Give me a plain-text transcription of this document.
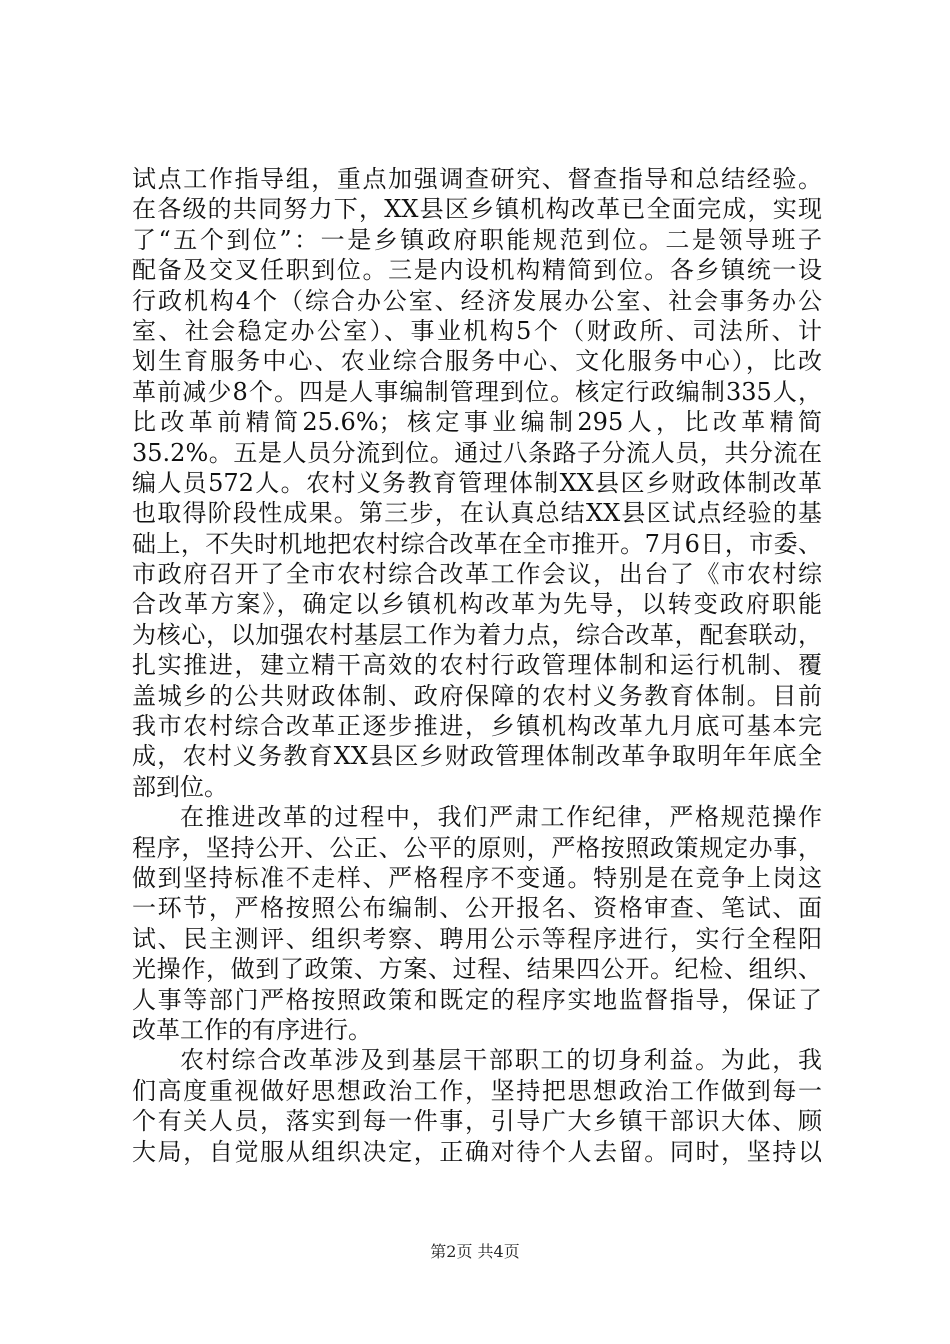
试点工作指导组，重点加强调查研究、督查指导和总结经验。
在各级的共同努力下，XX县区乡镇机构改革已全面完成，实现
了“五个到位”：一是乡镇政府职能规范到位。二是领导班子
配备及交叉任职到位。三是内设机构精简到位。各乡镇统一设
行政机构4个（综合办公室、经济发展办公室、社会事务办公
室、社会稳定办公室）、事业机构5个（财政所、司法所、计
划生育服务中心、农业综合服务中心、文化服务中心），比改
革前减少8个。四是人事编制管理到位。核定行政编制335人，
比改革前精简25.6%；核定事业编制295人，比改革精简
35.2%。五是人员分流到位。通过八条路子分流人员，共分流在
编人员572人。农村义务教育管理体制XX县区乡财政体制改革
也取得阶段性成果。第三步，在认真总结XX县区试点经验的基
础上，不失时机地把农村综合改革在全市推开。7月6日，市委、
市政府召开了全市农村综合改革工作会议，出台了《市农村综
合改革方案》，确定以乡镇机构改革为先导，以转变政府职能
为核心，以加强农村基层工作为着力点，综合改革，配套联动，
扎实推进，建立精干高效的农村行政管理体制和运行机制、覆
盖城乡的公共财政体制、政府保障的农村义务教育体制。目前
我市农村综合改革正逐步推进，乡镇机构改革九月底可基本完
成，农村义务教育XX县区乡财政管理体制改革争取明年年底全
部到位。
在推进改革的过程中，我们严肃工作纪律，严格规范操作
程序，坚持公开、公正、公平的原则，严格按照政策规定办事，
做到坚持标准不走样、严格程序不变通。特别是在竞争上岗这
一环节，严格按照公布编制、公开报名、资格审查、笔试、面
试、民主测评、组织考察、聘用公示等程序进行，实行全程阳
光操作，做到了政策、方案、过程、结果四公开。纪检、组织、
人事等部门严格按照政策和既定的程序实地监督指导，保证了
改革工作的有序进行。
农村综合改革涉及到基层干部职工的切身利益。为此，我
们高度重视做好思想政治工作，坚持把思想政治工作做到每一
个有关人员，落实到每一件事，引导广大乡镇干部识大体、顾
大局，自觉服从组织决定，正确对待个人去留。同时，坚持以
第2页 共4页
